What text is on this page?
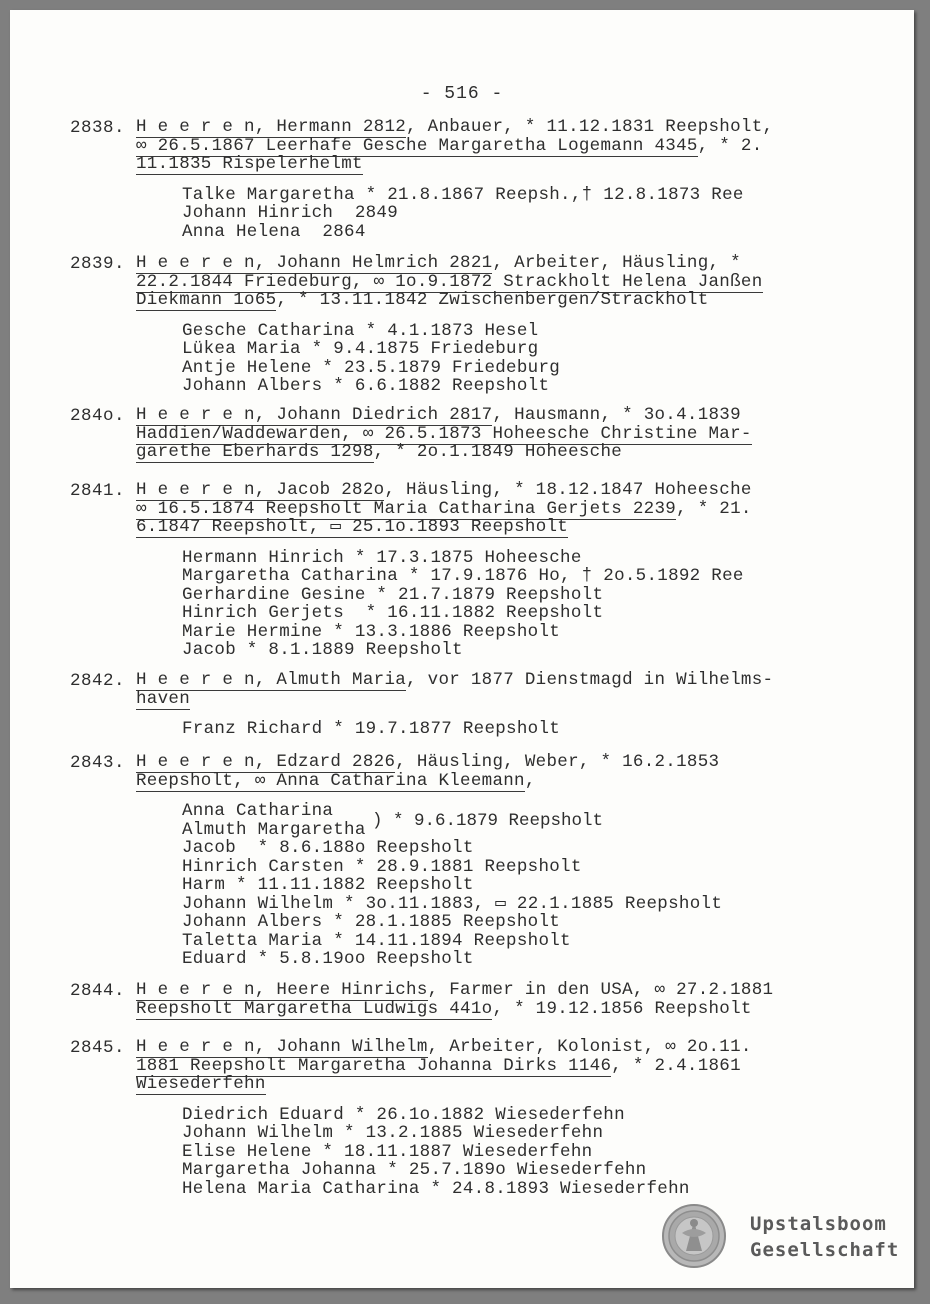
- 516 -
2838. H e e r e n, Hermann 2812, Anbauer, * 11.12.1831 Reepsholt,
∞ 26.5.1867 Leerhafe Gesche Margaretha Logemann 4345, * 2.
11.1835 Rispelerhelmt
Talke Margaretha * 21.8.1867 Reepsh.,† 12.8.1873 Ree
Johann Hinrich  2849
Anna Helena  2864
2839. H e e r e n, Johann Helmrich 2821, Arbeiter, Häusling, *
22.2.1844 Friedeburg, ∞ 1o.9.1872 Strackholt Helena Janßen
Diekmann 1o65, * 13.11.1842 Zwischenbergen/Strackholt
Gesche Catharina * 4.1.1873 Hesel
Lükea Maria * 9.4.1875 Friedeburg
Antje Helene * 23.5.1879 Friedeburg
Johann Albers * 6.6.1882 Reepsholt
284o. H e e r e n, Johann Diedrich 2817, Hausmann, * 3o.4.1839
Haddien/Waddewarden, ∞ 26.5.1873 Hoheesche Christine Mar-
garethe Eberhards 1298, * 2o.1.1849 Hoheesche
2841. H e e r e n, Jacob 282o, Häusling, * 18.12.1847 Hoheesche
∞ 16.5.1874 Reepsholt Maria Catharina Gerjets 2239, * 21.
6.1847 Reepsholt, ▭ 25.1o.1893 Reepsholt
Hermann Hinrich * 17.3.1875 Hoheesche
Margaretha Catharina * 17.9.1876 Ho, † 2o.5.1892 Ree
Gerhardine Gesine * 21.7.1879 Reepsholt
Hinrich Gerjets  * 16.11.1882 Reepsholt
Marie Hermine * 13.3.1886 Reepsholt
Jacob * 8.1.1889 Reepsholt
2842. H e e r e n, Almuth Maria, vor 1877 Dienstmagd in Wilhelms-
haven
Franz Richard * 19.7.1877 Reepsholt
2843. H e e r e n, Edzard 2826, Häusling, Weber, * 16.2.1853
Reepsholt, ∞ Anna Catharina Kleemann,
Anna Catharina
Almuth Margaretha
Jacob  * 8.6.188o Reepsholt
Hinrich Carsten * 28.9.1881 Reepsholt
Harm * 11.11.1882 Reepsholt
Johann Wilhelm * 3o.11.1883, ▭ 22.1.1885 Reepsholt
Johann Albers * 28.1.1885 Reepsholt
Taletta Maria * 14.11.1894 Reepsholt
Eduard * 5.8.19oo Reepsholt
) * 9.6.1879 Reepsholt
2844. H e e r e n, Heere Hinrichs, Farmer in den USA, ∞ 27.2.1881
Reepsholt Margaretha Ludwigs 441o, * 19.12.1856 Reepsholt
2845. H e e r e n, Johann Wilhelm, Arbeiter, Kolonist, ∞ 2o.11.
1881 Reepsholt Margaretha Johanna Dirks 1146, * 2.4.1861
Wiesederfehn
Diedrich Eduard * 26.1o.1882 Wiesederfehn
Johann Wilhelm * 13.2.1885 Wiesederfehn
Elise Helene * 18.11.1887 Wiesederfehn
Margaretha Johanna * 25.7.189o Wiesederfehn
Helena Maria Catharina * 24.8.1893 Wiesederfehn
Upstalsboom
Gesellschaft
